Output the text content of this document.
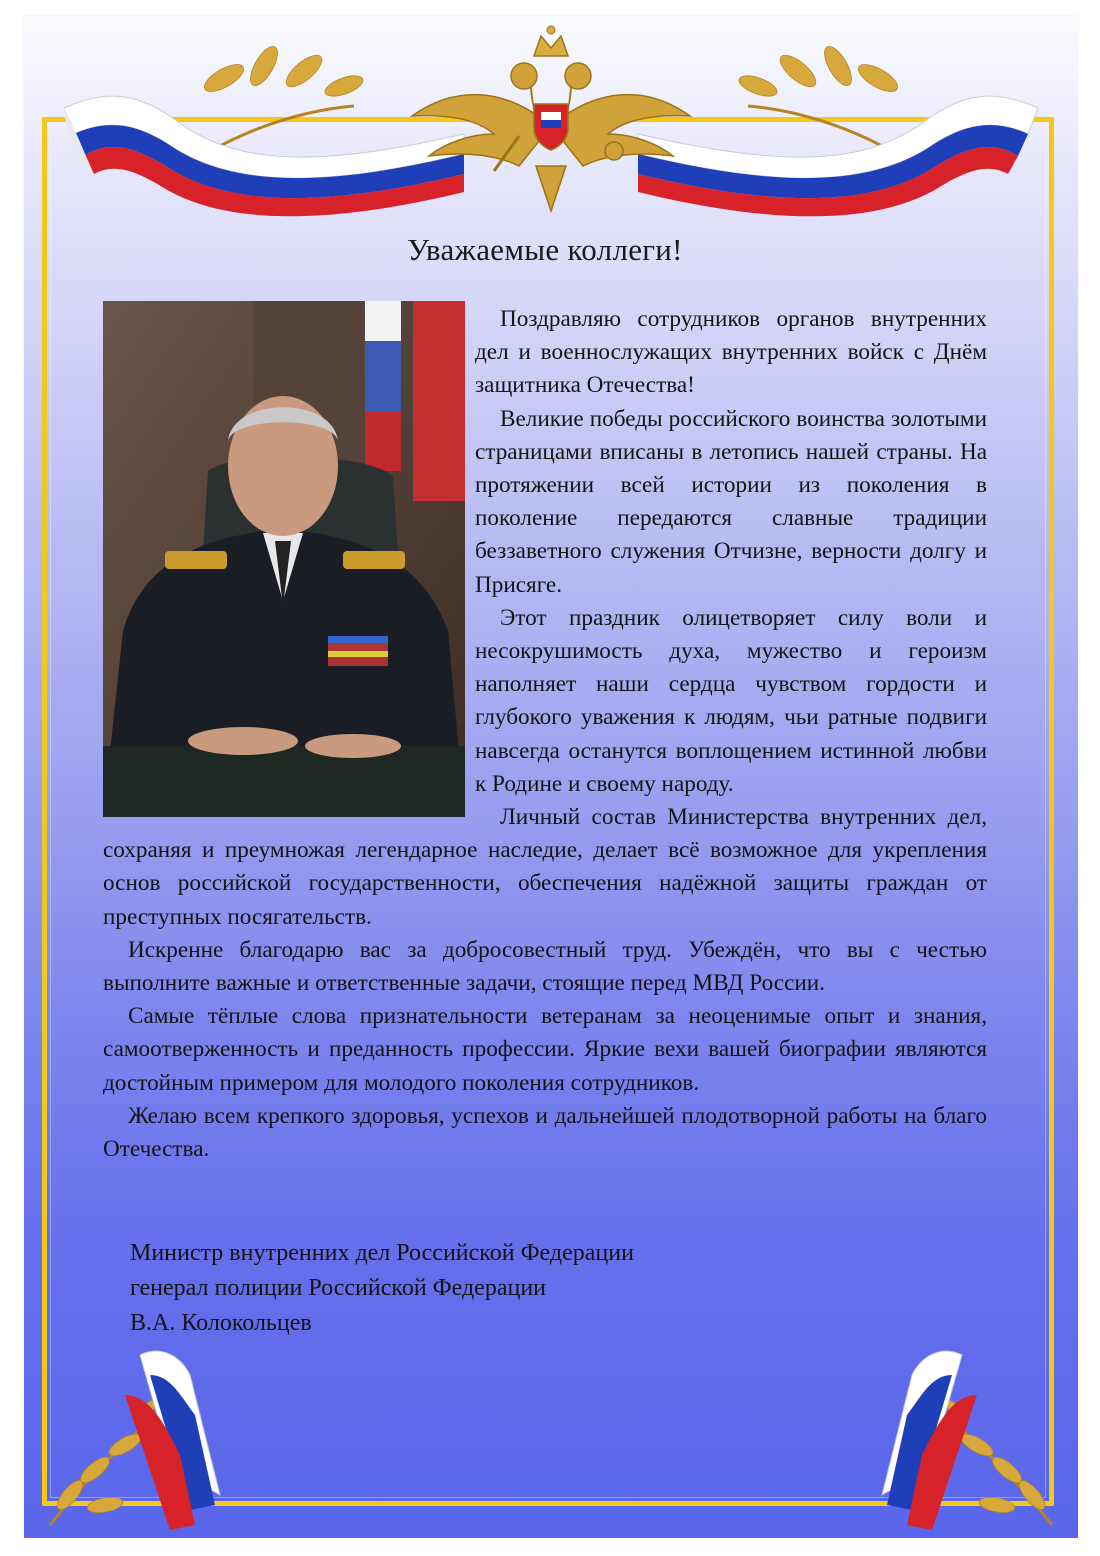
Уважаемые коллеги!

Поздравляю сотрудников органов внутренних дел и военнослужащих внутренних войск с Днём защитника Отечества!

Великие победы российского воинства золотыми страницами вписаны в летопись нашей страны. На протяжении всей истории из поколения в поколение передаются славные традиции беззаветного служения Отчизне, верности долгу и Присяге.

Этот праздник олицетворяет силу воли и несокрушимость духа, мужество и героизм наполняет наши сердца чувством гордости и глубокого уважения к людям, чьи ратные подвиги навсегда останутся воплощением истинной любви к Родине и своему народу.

Личный состав Министерства внутренних дел, сохраняя и преумножая легендарное наследие, делает всё возможное для укрепления основ российской государственности, обеспечения надёжной защиты граждан от преступных посягательств.

Искренне благодарю вас за добросовестный труд. Убеждён, что вы с честью выполните важные и ответственные задачи, стоящие перед МВД России.

Самые тёплые слова признательности ветеранам за неоценимые опыт и знания, самоотверженность и преданность профессии. Яркие вехи вашей биографии являются достойным примером для молодого поколения сотрудников.

Желаю всем крепкого здоровья, успехов и дальнейшей плодотворной работы на благо Отечества.

Министр внутренних дел Российской Федерации
генерал полиции Российской Федерации
В.А. Колокольцев
